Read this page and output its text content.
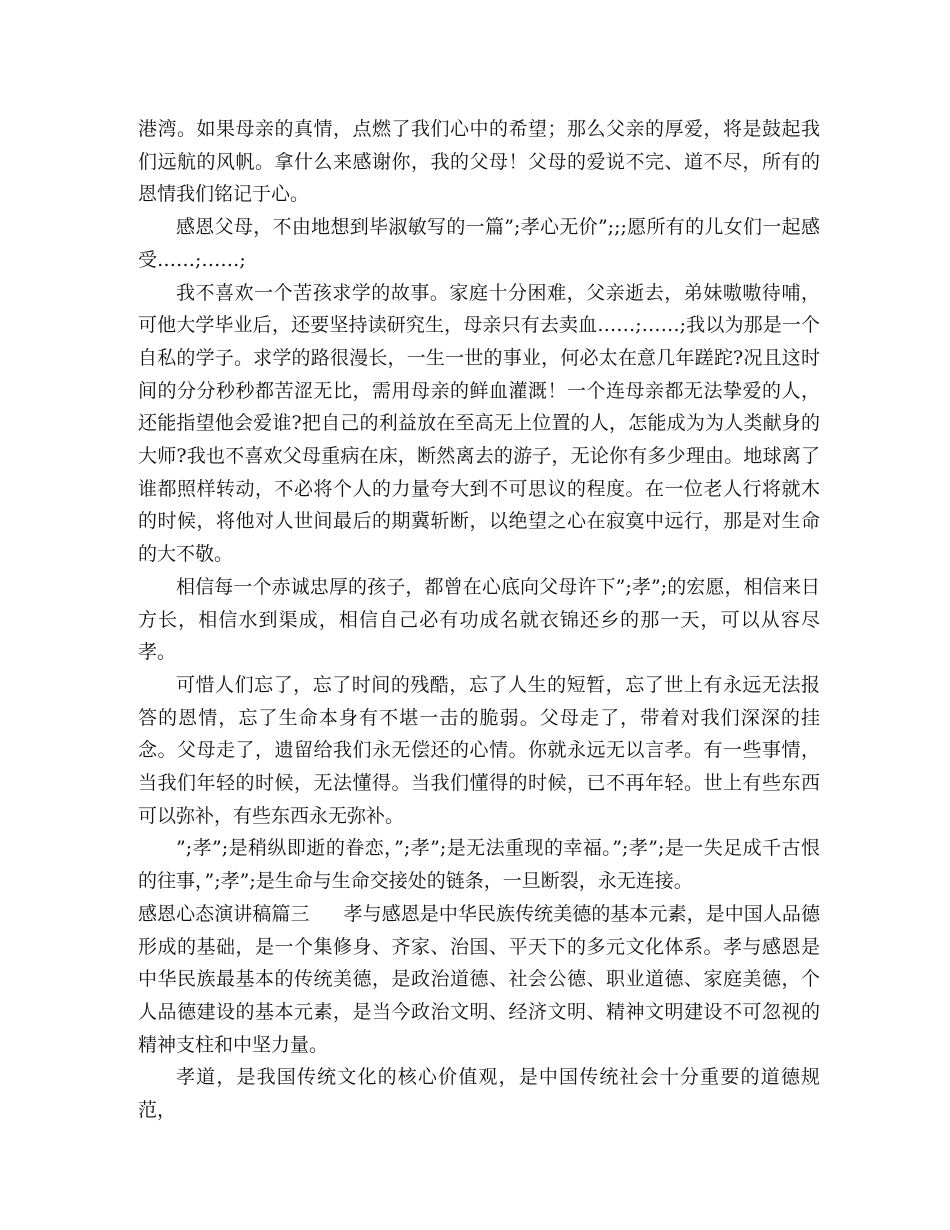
港湾。如果母亲的真情，点燃了我们心中的希望；那么父亲的厚爱，将是鼓起我们远航的风帆。拿什么来感谢你，我的父母！父母的爱说不完、道不尽，所有的恩情我们铭记于心。

感恩父母，不由地想到毕淑敏写的一篇”;孝心无价”;;;愿所有的儿女们一起感受……;……;

我不喜欢一个苦孩求学的故事。家庭十分困难，父亲逝去，弟妹嗷嗷待哺，可他大学毕业后，还要坚持读研究生，母亲只有去卖血……;……;我以为那是一个自私的学子。求学的路很漫长，一生一世的事业，何必太在意几年蹉跎?况且这时间的分分秒秒都苦涩无比，需用母亲的鲜血灌溉！一个连母亲都无法挚爱的人，还能指望他会爱谁?把自己的利益放在至高无上位置的人，怎能成为为人类献身的大师?我也不喜欢父母重病在床，断然离去的游子，无论你有多少理由。地球离了谁都照样转动，不必将个人的力量夸大到不可思议的程度。在一位老人行将就木的时候，将他对人世间最后的期冀斩断，以绝望之心在寂寞中远行，那是对生命的大不敬。

相信每一个赤诚忠厚的孩子，都曾在心底向父母许下”;孝”;的宏愿，相信来日方长，相信水到渠成，相信自己必有功成名就衣锦还乡的那一天，可以从容尽孝。

可惜人们忘了，忘了时间的残酷，忘了人生的短暂，忘了世上有永远无法报答的恩情，忘了生命本身有不堪一击的脆弱。父母走了，带着对我们深深的挂念。父母走了，遗留给我们永无偿还的心情。你就永远无以言孝。有一些事情，当我们年轻的时候，无法懂得。当我们懂得的时候，已不再年轻。世上有些东西可以弥补，有些东西永无弥补。

”;孝”;是稍纵即逝的眷恋，”;孝”;是无法重现的幸福。”;孝”;是一失足成千古恨的往事，”;孝”;是生命与生命交接处的链条，一旦断裂，永无连接。

感恩心态演讲稿篇三 孝与感恩是中华民族传统美德的基本元素，是中国人品德形成的基础，是一个集修身、齐家、治国、平天下的多元文化体系。孝与感恩是中华民族最基本的传统美德，是政治道德、社会公德、职业道德、家庭美德，个人品德建设的基本元素，是当今政治文明、经济文明、精神文明建设不可忽视的精神支柱和中坚力量。

孝道，是我国传统文化的核心价值观，是中国传统社会十分重要的道德规范，
